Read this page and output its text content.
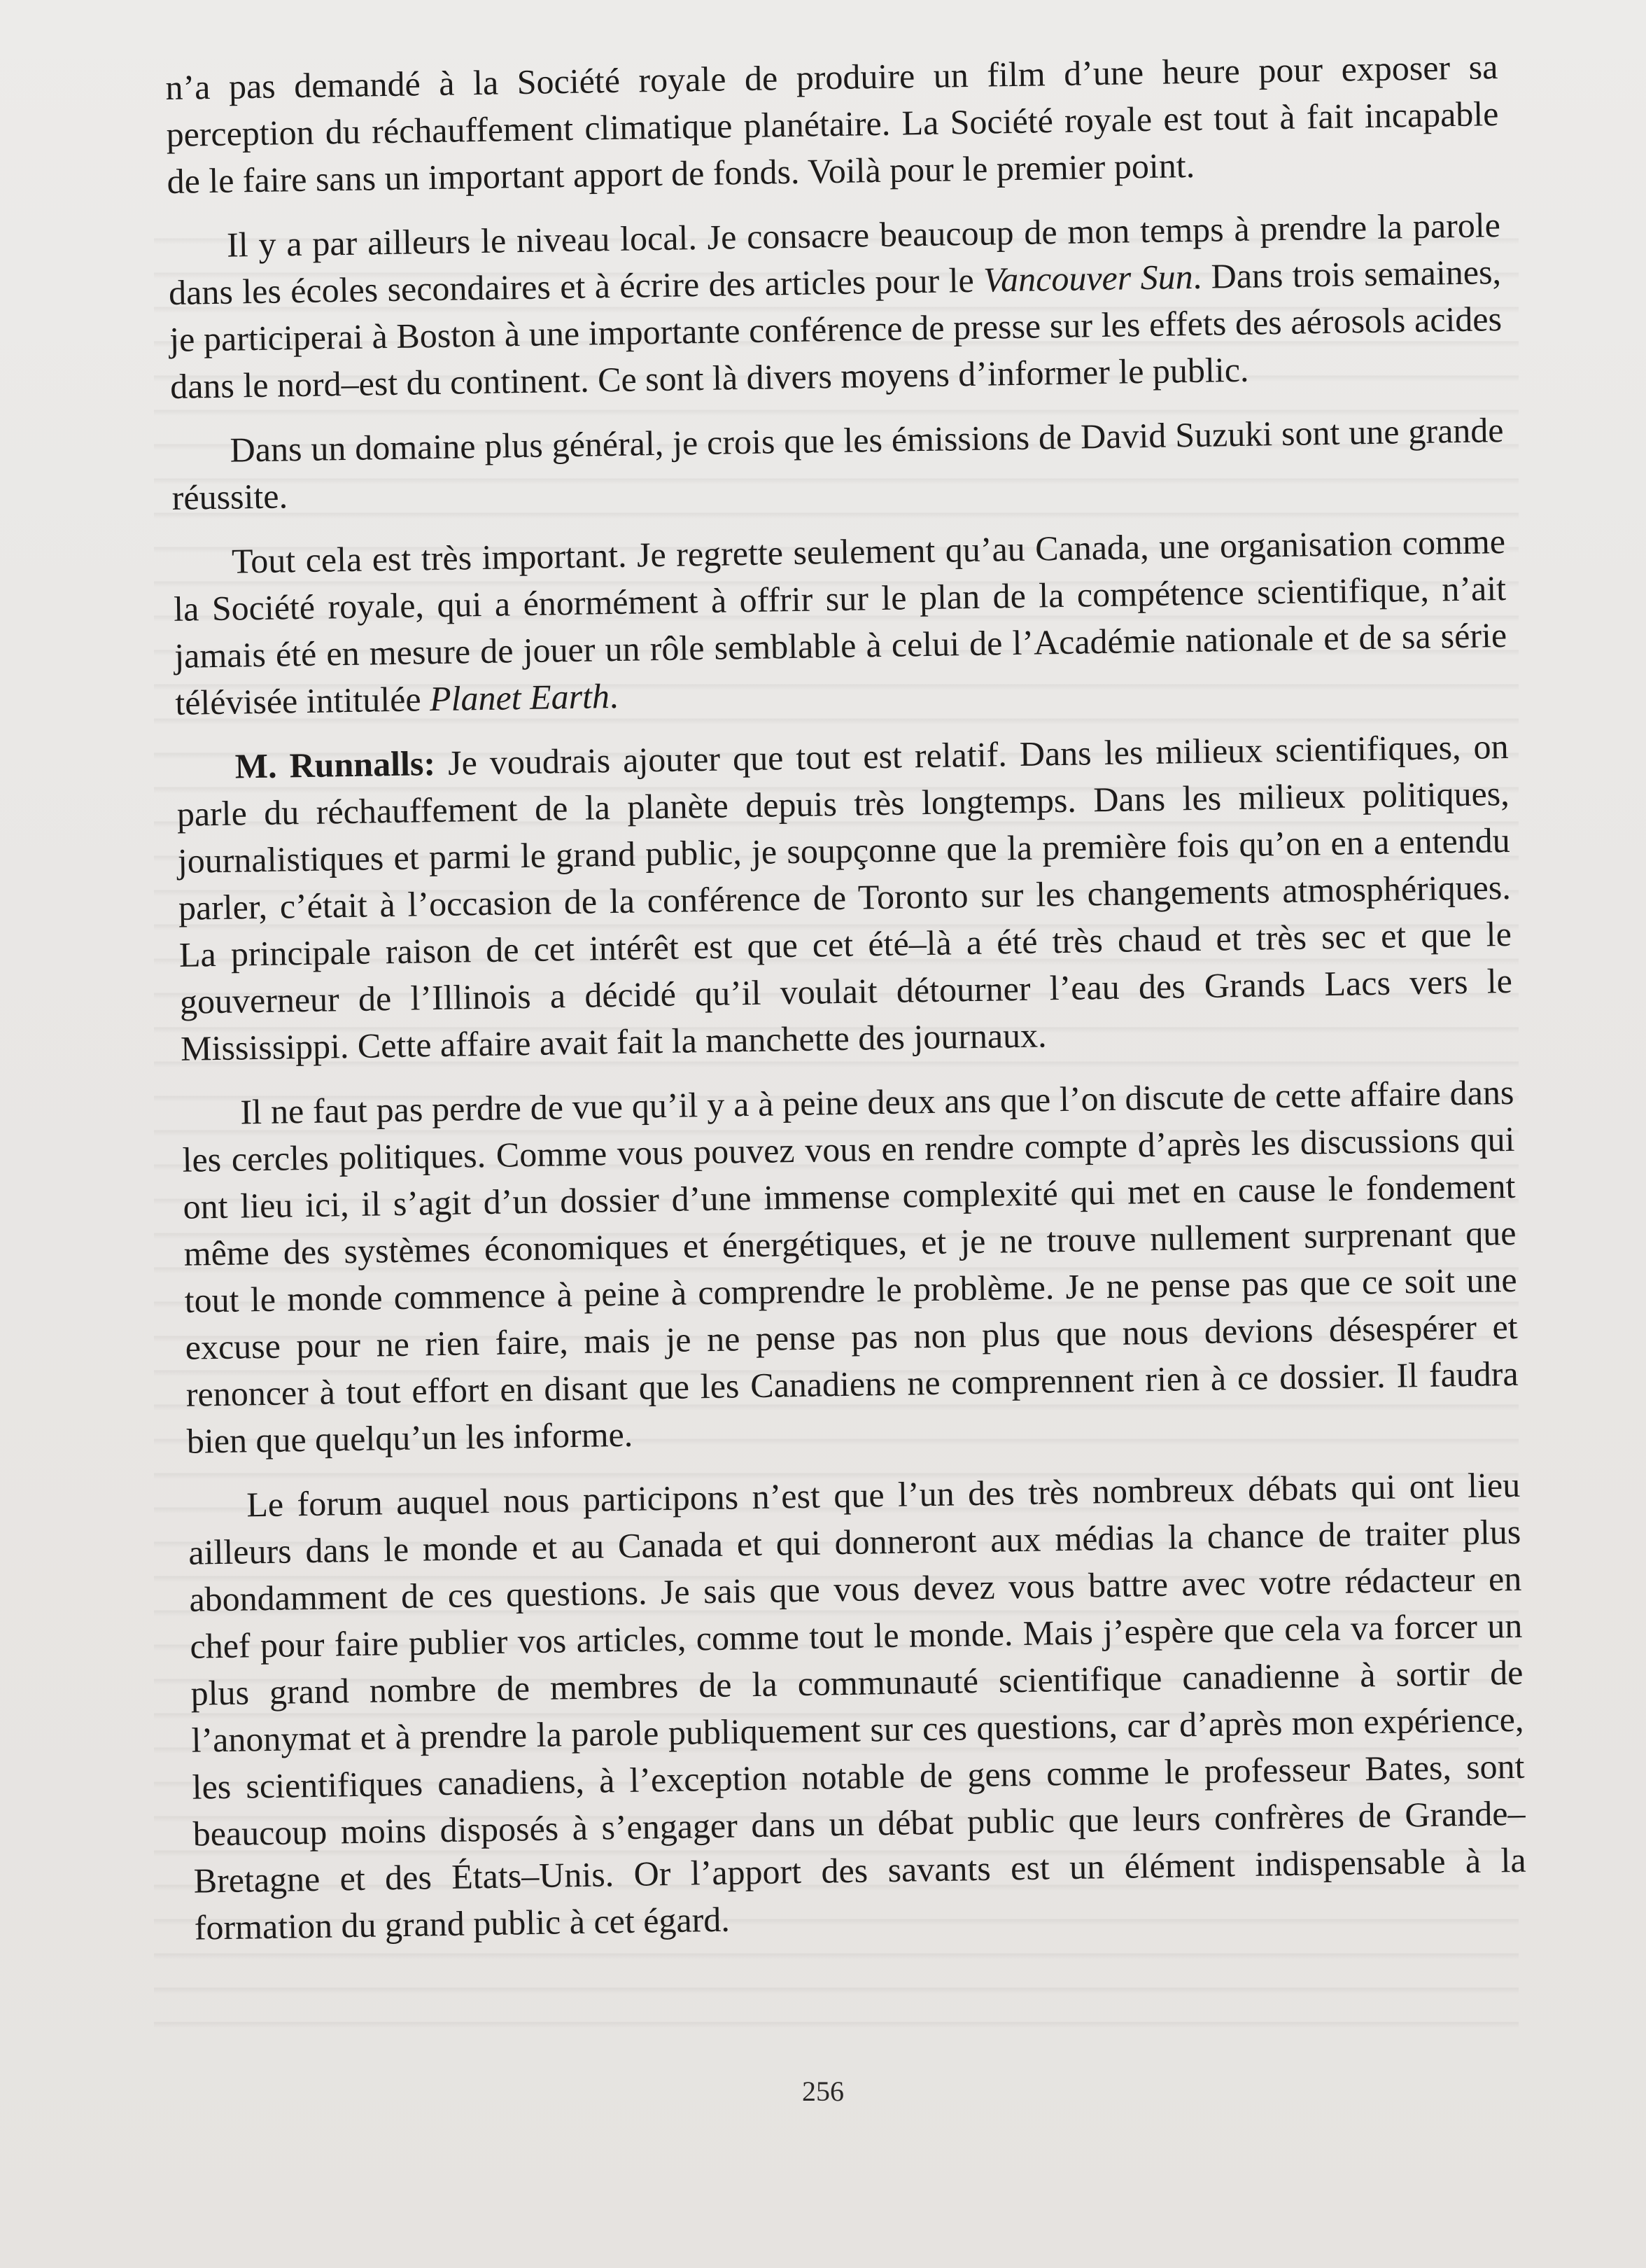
n’a pas demandé à la Société royale de produire un film d’une heure pour exposer sa perception du réchauffement climatique planétaire. La Société royale est tout à fait incapable de le faire sans un important apport de fonds. Voilà pour le premier point.

Il y a par ailleurs le niveau local. Je consacre beaucoup de mon temps à prendre la parole dans les écoles secondaires et à écrire des articles pour le Vancouver Sun. Dans trois semaines, je participerai à Boston à une importante conférence de presse sur les effets des aérosols acides dans le nord–est du continent. Ce sont là divers moyens d’informer le public.

Dans un domaine plus général, je crois que les émissions de David Suzuki sont une grande réussite.

Tout cela est très important. Je regrette seulement qu’au Canada, une organisation comme la Société royale, qui a énormément à offrir sur le plan de la compétence scientifique, n’ait jamais été en mesure de jouer un rôle semblable à celui de l’Académie nationale et de sa série télévisée intitulée Planet Earth.

M. Runnalls: Je voudrais ajouter que tout est relatif. Dans les milieux scientifiques, on parle du réchauffement de la planète depuis très longtemps. Dans les milieux politiques, journalistiques et parmi le grand public, je soupçonne que la première fois qu’on en a entendu parler, c’était à l’occasion de la conférence de Toronto sur les changements atmosphériques. La principale raison de cet intérêt est que cet été–là a été très chaud et très sec et que le gouverneur de l’Illinois a décidé qu’il voulait détourner l’eau des Grands Lacs vers le Mississippi. Cette affaire avait fait la manchette des journaux.

Il ne faut pas perdre de vue qu’il y a à peine deux ans que l’on discute de cette affaire dans les cercles politiques. Comme vous pouvez vous en rendre compte d’après les discussions qui ont lieu ici, il s’agit d’un dossier d’une immense complexité qui met en cause le fondement même des systèmes économiques et énergétiques, et je ne trouve nullement surprenant que tout le monde commence à peine à comprendre le problème. Je ne pense pas que ce soit une excuse pour ne rien faire, mais je ne pense pas non plus que nous devions désespérer et renoncer à tout effort en disant que les Canadiens ne comprennent rien à ce dossier. Il faudra bien que quelqu’un les informe.

Le forum auquel nous participons n’est que l’un des très nombreux débats qui ont lieu ailleurs dans le monde et au Canada et qui donneront aux médias la chance de traiter plus abondamment de ces questions. Je sais que vous devez vous battre avec votre rédacteur en chef pour faire publier vos articles, comme tout le monde. Mais j’espère que cela va forcer un plus grand nombre de membres de la communauté scientifique canadienne à sortir de l’anonymat et à prendre la parole publiquement sur ces questions, car d’après mon expérience, les scientifiques canadiens, à l’exception notable de gens comme le professeur Bates, sont beaucoup moins disposés à s’engager dans un débat public que leurs confrères de Grande–Bretagne et des États–Unis. Or l’apport des savants est un élément indispensable à la formation du grand public à cet égard.

256
